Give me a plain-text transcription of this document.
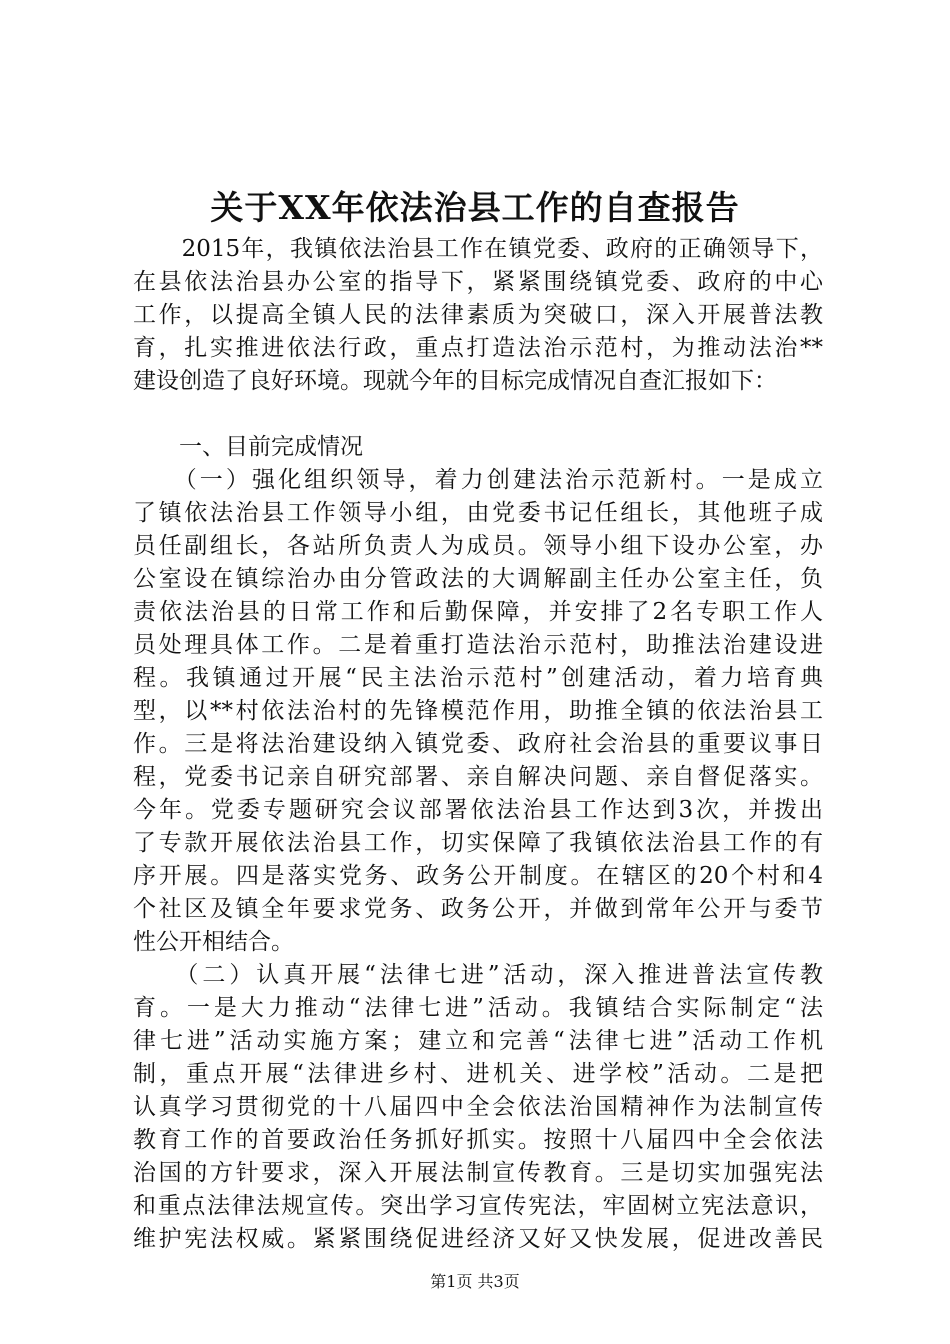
关于XX年依法治县工作的自查报告
　　2015年，我镇依法治县工作在镇党委、政府的正确领导下，
在县依法治县办公室的指导下，紧紧围绕镇党委、政府的中心
工作，以提高全镇人民的法律素质为突破口，深入开展普法教
育，扎实推进依法行政，重点打造法治示范村，为推动法治**
建设创造了良好环境。现就今年的目标完成情况自查汇报如下：
　　一、目前完成情况
　　（一）强化组织领导，着力创建法治示范新村。一是成立
了镇依法治县工作领导小组，由党委书记任组长，其他班子成
员任副组长，各站所负责人为成员。领导小组下设办公室，办
公室设在镇综治办由分管政法的大调解副主任办公室主任，负
责依法治县的日常工作和后勤保障，并安排了2名专职工作人
员处理具体工作。二是着重打造法治示范村，助推法治建设进
程。我镇通过开展“民主法治示范村”创建活动，着力培育典
型，以**村依法治村的先锋模范作用，助推全镇的依法治县工
作。三是将法治建设纳入镇党委、政府社会治县的重要议事日
程，党委书记亲自研究部署、亲自解决问题、亲自督促落实。
今年。党委专题研究会议部署依法治县工作达到3次，并拨出
了专款开展依法治县工作，切实保障了我镇依法治县工作的有
序开展。四是落实党务、政务公开制度。在辖区的20个村和4
个社区及镇全年要求党务、政务公开，并做到常年公开与委节
性公开相结合。
　　（二）认真开展“法律七进”活动，深入推进普法宣传教
育。一是大力推动“法律七进”活动。我镇结合实际制定“法
律七进”活动实施方案；建立和完善“法律七进”活动工作机
制，重点开展“法律进乡村、进机关、进学校”活动。二是把
认真学习贯彻党的十八届四中全会依法治国精神作为法制宣传
教育工作的首要政治任务抓好抓实。按照十八届四中全会依法
治国的方针要求，深入开展法制宣传教育。三是切实加强宪法
和重点法律法规宣传。突出学习宣传宪法，牢固树立宪法意识，
维护宪法权威。紧紧围绕促进经济又好又快发展，促进改善民
第1页 共3页
